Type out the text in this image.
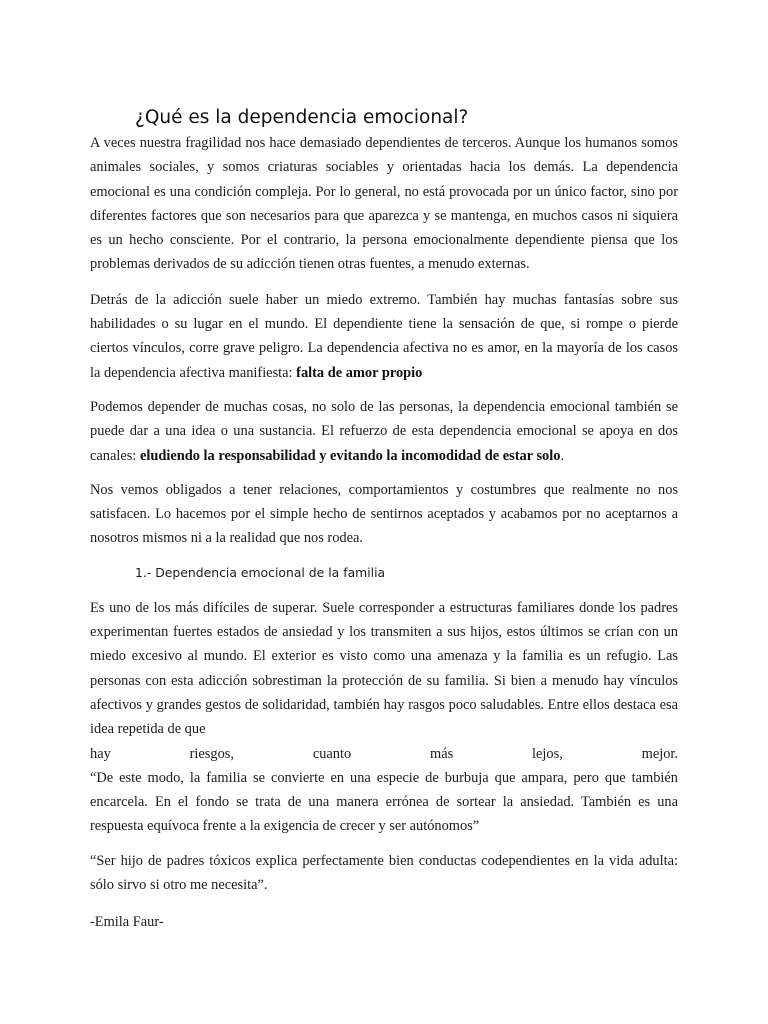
¿Qué es la dependencia emocional?

A veces nuestra fragilidad nos hace demasiado dependientes de terceros. Aunque los humanos somos animales sociales, y somos criaturas sociables y orientadas hacia los demás. La dependencia emocional es una condición compleja. Por lo general, no está provocada por un único factor, sino por diferentes factores que son necesarios para que aparezca y se mantenga, en muchos casos ni siquiera es un hecho consciente. Por el contrario, la persona emocionalmente dependiente piensa que los problemas derivados de su adicción tienen otras fuentes, a menudo externas.

Detrás de la adicción suele haber un miedo extremo. También hay muchas fantasías sobre sus habilidades o su lugar en el mundo. El dependiente tiene la sensación de que, si rompe o pierde ciertos vínculos, corre grave peligro. La dependencia afectiva no es amor, en la mayoría de los casos la dependencia afectiva manifiesta: falta de amor propio

Podemos depender de muchas cosas, no solo de las personas, la dependencia emocional también se puede dar a una idea o una sustancia. El refuerzo de esta dependencia emocional se apoya en dos canales: eludiendo la responsabilidad y evitando la incomodidad de estar solo.

Nos vemos obligados a tener relaciones, comportamientos y costumbres que realmente no nos satisfacen. Lo hacemos por el simple hecho de sentirnos aceptados y acabamos por no aceptarnos a nosotros mismos ni a la realidad que nos rodea.

1.- Dependencia emocional de la familia
Es uno de los más difíciles de superar. Suele corresponder a estructuras familiares donde los padres experimentan fuertes estados de ansiedad y los transmiten a sus hijos, estos últimos se crían con un miedo excesivo al mundo. El exterior es visto como una amenaza y la familia es un refugio. Las personas con esta adicción sobrestiman la protección de su familia. Si bien a menudo hay vínculos afectivos y grandes gestos de solidaridad, también hay rasgos poco saludables. Entre ellos destaca esa idea repetida de que
hay	riesgos,	cuanto	más	lejos,	mejor.
“De este modo, la familia se convierte en una especie de burbuja que ampara, pero que también encarcela. En el fondo se trata de una manera errónea de sortear la ansiedad. También es una respuesta equívoca frente a la exigencia de crecer y ser autónomos”

“Ser hijo de padres tóxicos explica perfectamente bien conductas codependientes en la vida adulta: sólo sirvo si otro me necesita”.

-Emila Faur-
